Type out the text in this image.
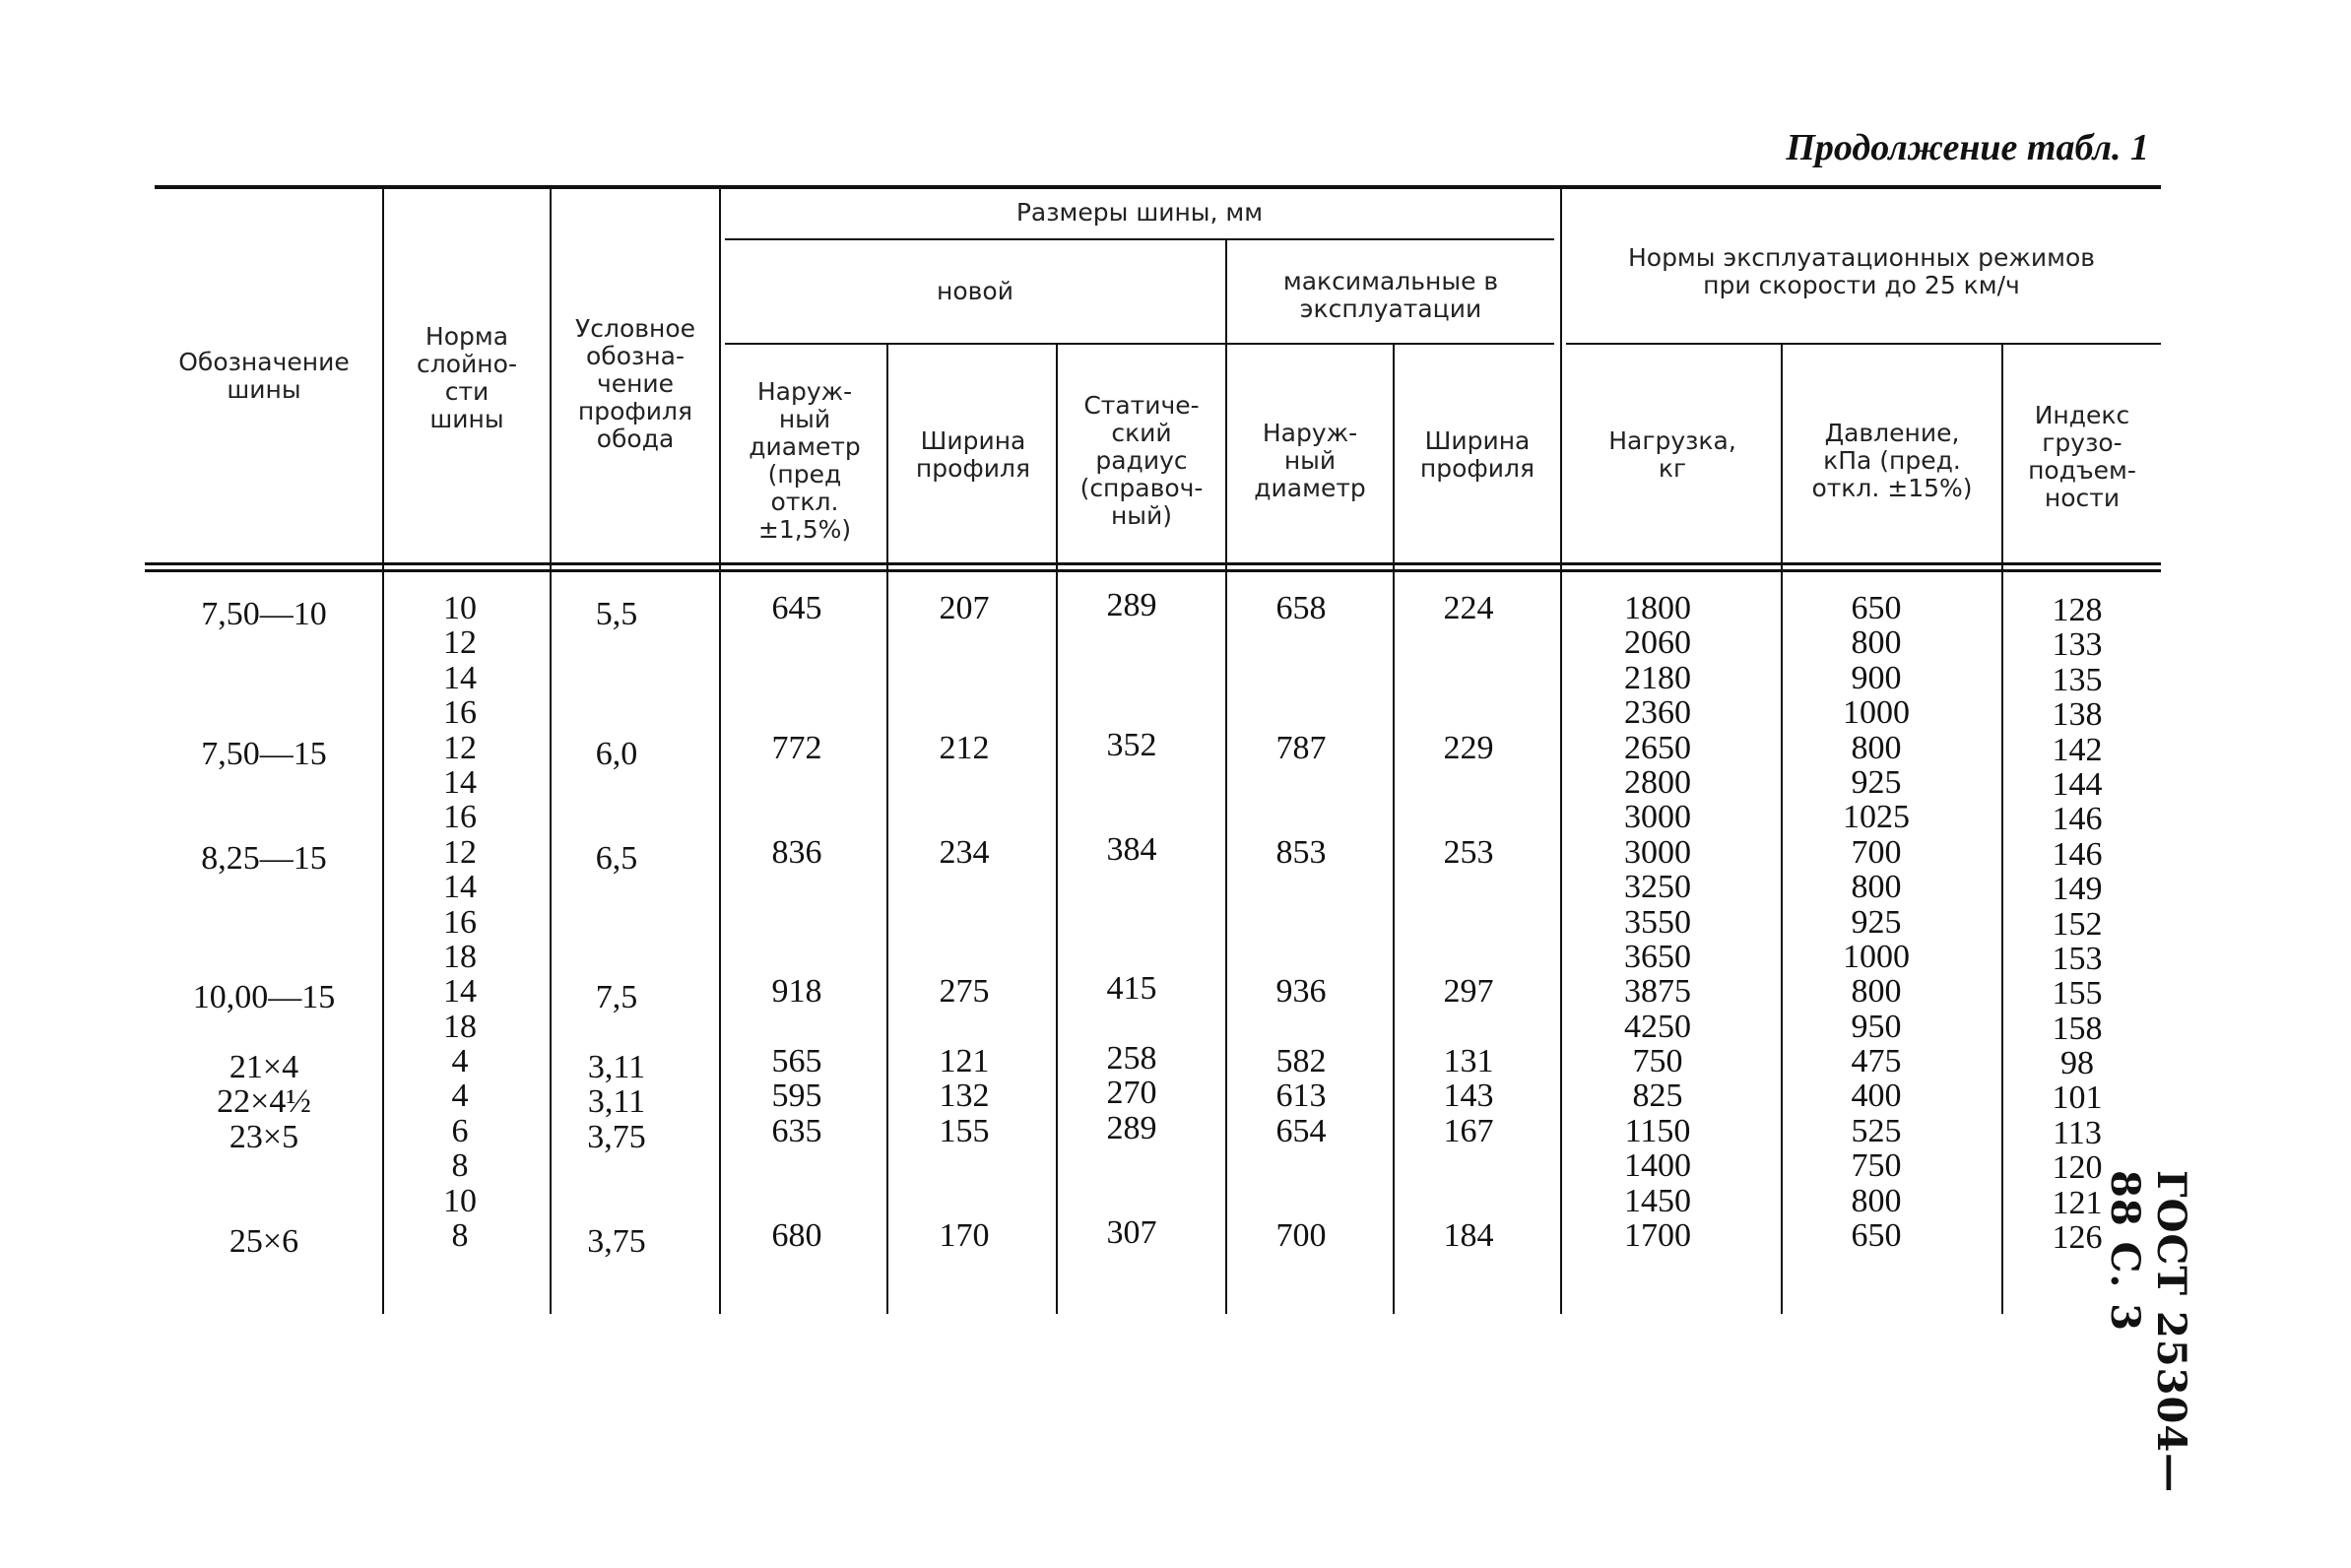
Продолжение табл. 1
Обозначение
шины
Норма
слойно-
сти
шины
Условное
обозна-
чение
профиля
обода
Размеры шины, мм
новой	максимальные в
эксплуатации
Нормы эксплуатационных режимов
при скорости до 25 км/ч
Наруж-
ный
диаметр
(пред
откл.
±1,5%)
Ширина
профиля
Статиче-
ский
радиус
(справоч-
ный)
Наруж-
ный
диаметр
Ширина
профиля
Нагрузка,
кг
Давление,
кПа (пред.
откл. ±15%)
Индекс
грузо-
подъем-
ности
7,50—10
7,50—15
8,25—15
10,00—15
21×4
22×4½
23×5
25×6
10
12
14
16
12
14
16
12
14
16
18
14
18
4
4
6
8
10
8
5,5
6,0
6,5
7,5
3,11
3,11
3,75
3,75
645
772
836
918
565
595
635
680
207
212
234
275
121
132
155
170
289
352
384
415
258
270
289
307
658
787
853
936
582
613
654
700
224
229
253
297
131
143
167
184
1800
2060
2180
2360
2650
2800
3000
3000
3250
3550
3650
3875
4250
750
825
1150
1400
1450
1700
650
800
900
1000
800
925
1025
700
800
925
1000
800
950
475
400
525
750
800
650
128
133
135
138
142
144
146
146
149
152
153
155
158
98
101
113
120
121
126	ГОСТ 25304—88 С. 3
